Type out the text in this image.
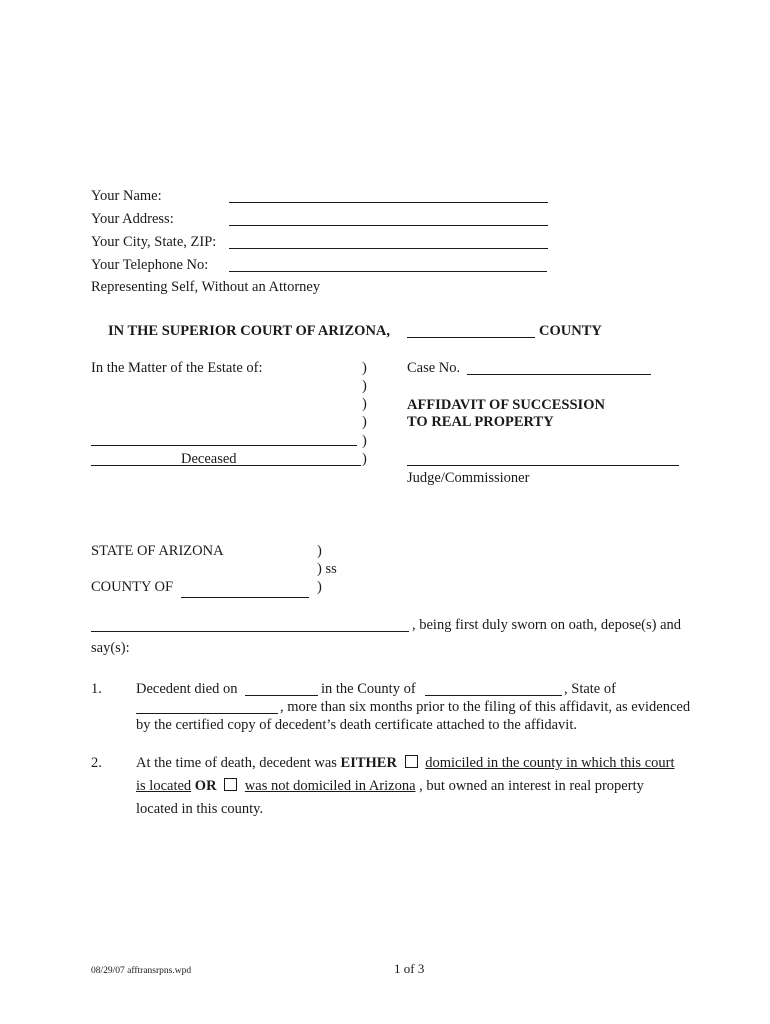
Your Name:
Your Address:
Your City, State, ZIP:
Your Telephone No:
Representing Self, Without an Attorney
IN THE SUPERIOR COURT OF ARIZONA,	COUNTY
In the Matter of the Estate of:	)
)
)
)
)
)
Deceased
Case No.
AFFIDAVIT OF SUCCESSION
TO REAL PROPERTY
Judge/Commissioner
STATE OF ARIZONA	)
) ss
COUNTY OF	)
, being first duly sworn on oath, depose(s) and
say(s):
1. Decedent died on	in the County of	, State of
, more than six months prior to the filing of this affidavit, as evidenced
by the certified copy of decedent’s death certificate attached to the affidavit.
2. At the time of death, decedent was EITHER domiciled in the county in which this court
is located OR was not domiciled in Arizona , but owned an interest in real property
located in this county.
08/29/07 afftransrpns.wpd	1 of 3
